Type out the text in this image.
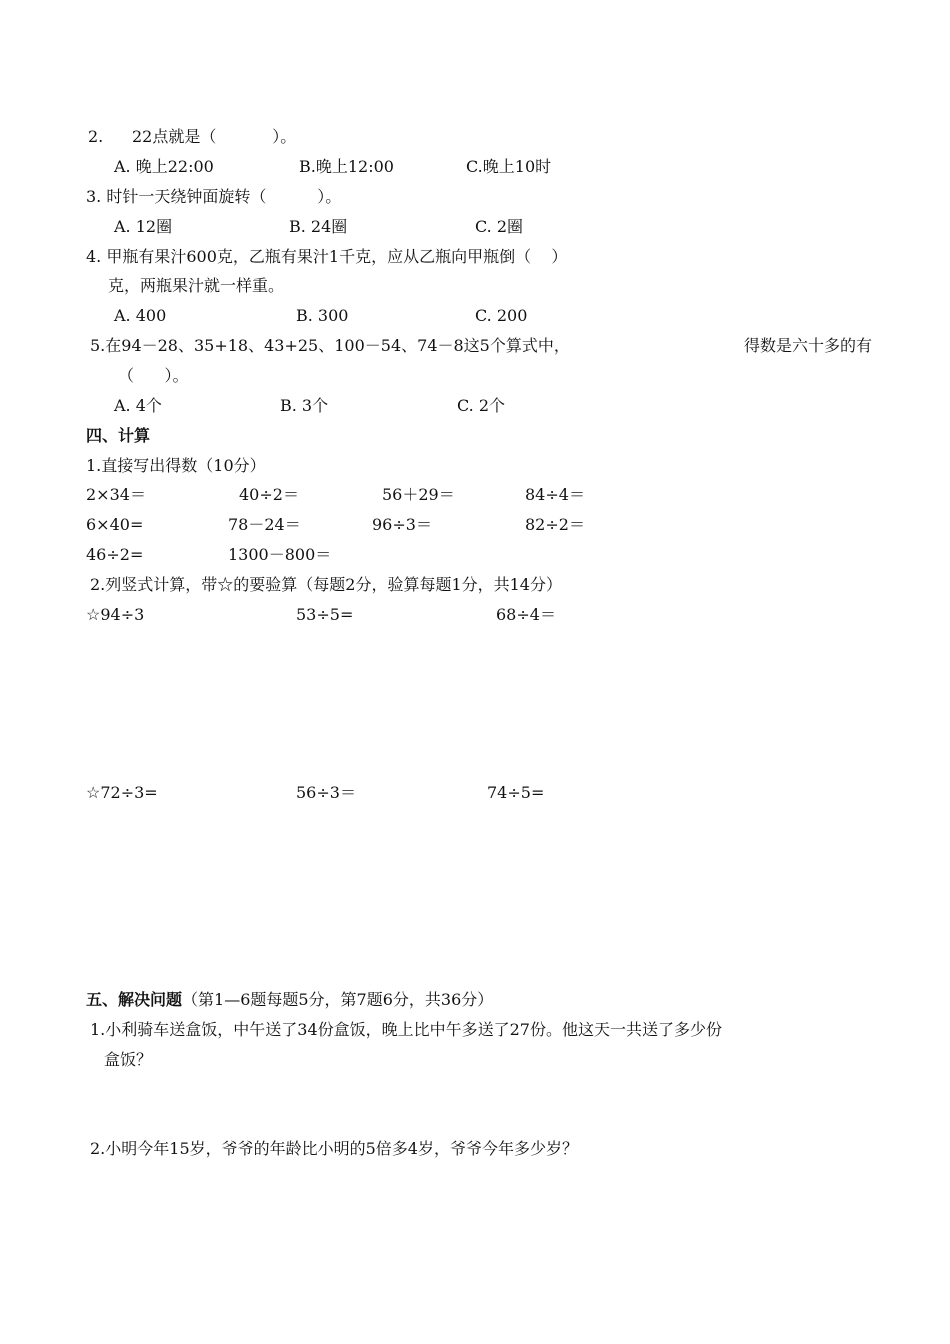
2. 22点就是（           ）。
A. 晚上22:00	B.晚上12:00	C.晚上10时
3. 时针一天绕钟面旋转（          ）。
A. 12圈	B. 24圈	C. 2圈
4. 甲瓶有果汁600克，乙瓶有果汁1千克，应从乙瓶向甲瓶倒（    ）
克，两瓶果汁就一样重。
A. 400	B. 300	C. 200
5.在94－28、35+18、43+25、100－54、74－8这5个算式中，	得数是六十多的有
（      ）。
A. 4个	B. 3个	C. 2个
四、计算
1.直接写出得数（10分）
2×34＝	40÷2＝	56＋29＝	84÷4＝
6×40=	78－24＝	96÷3＝	82÷2＝
46÷2=	1300－800＝
2.列竖式计算，带☆的要验算（每题2分，验算每题1分，共14分）
☆94÷3	53÷5=	68÷4＝
☆72÷3=	56÷3＝	74÷5=
五、解决问题（第1—6题每题5分，第7题6分，共36分）
1.小利骑车送盒饭，中午送了34份盒饭，晚上比中午多送了27份。他这天一共送了多少份
盒饭？
2.小明今年15岁，爷爷的年龄比小明的5倍多4岁，爷爷今年多少岁？
